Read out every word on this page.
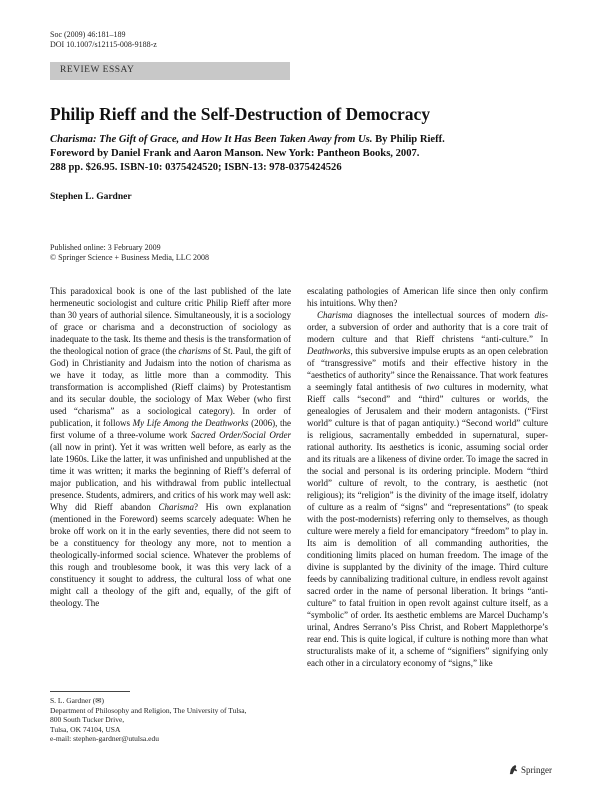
Soc (2009) 46:181–189
DOI 10.1007/s12115-008-9188-z
REVIEW ESSAY
Philip Rieff and the Self-Destruction of Democracy
Charisma: The Gift of Grace, and How It Has Been Taken Away from Us. By Philip Rieff.
Foreword by Daniel Frank and Aaron Manson. New York: Pantheon Books, 2007.
288 pp. $26.95. ISBN-10: 0375424520; ISBN-13: 978-0375424526
Stephen L. Gardner
Published online: 3 February 2009
© Springer Science + Business Media, LLC 2008

This paradoxical book is one of the last published of the late hermeneutic sociologist and culture critic Philip Rieff after more than 30 years of authorial silence. Simultaneously, it is a sociology of grace or charisma and a deconstruction of sociology as inadequate to the task. Its theme and thesis is the transformation of the theological notion of grace (the charisms of St. Paul, the gift of God) in Christianity and Judaism into the notion of charisma as we have it today, as little more than a commodity. This transformation is accomplished (Rieff claims) by Protestantism and its secular double, the sociology of Max Weber (who first used “charisma” as a sociological category). In order of publication, it follows My Life Among the Deathworks (2006), the first volume of a three-volume work Sacred Order/Social Order (all now in print). Yet it was written well before, as early as the late 1960s. Like the latter, it was unfinished and unpublished at the time it was written; it marks the beginning of Rieff’s deferral of major publication, and his withdrawal from public intellectual presence. Students, admirers, and critics of his work may well ask: Why did Rieff abandon Charisma? His own explanation (mentioned in the Foreword) seems scarcely adequate: When he broke off work on it in the early seventies, there did not seem to be a constituency for theology any more, not to mention a theologically-informed social science. Whatever the problems of this rough and troublesome book, it was this very lack of a constituency it sought to address, the cultural loss of what one might call a theology of the gift and, equally, of the gift of theology. The

escalating pathologies of American life since then only confirm his intuitions. Why then?

Charisma diagnoses the intellectual sources of modern dis-order, a subversion of order and authority that is a core trait of modern culture and that Rieff christens “anti-culture.” In Deathworks, this subversive impulse erupts as an open celebration of “transgressive” motifs and their effective history in the “aesthetics of authority” since the Renaissance. That work features a seemingly fatal antithesis of two cultures in modernity, what Rieff calls “second” and “third” cultures or worlds, the genealogies of Jerusalem and their modern antagonists. (“First world” culture is that of pagan antiquity.) “Second world” culture is religious, sacramentally embedded in supernatural, super-rational authority. Its aesthetics is iconic, assuming social order and its rituals are a likeness of divine order. To image the sacred in the social and personal is its ordering principle. Modern “third world” culture of revolt, to the contrary, is aesthetic (not religious); its “religion” is the divinity of the image itself, idolatry of culture as a realm of “signs” and “representations” (to speak with the post-modernists) referring only to themselves, as though culture were merely a field for emancipatory “freedom” to play in. Its aim is demolition of all commanding authorities, the conditioning limits placed on human freedom. The image of the divine is supplanted by the divinity of the image. Third culture feeds by cannibalizing traditional culture, in endless revolt against sacred order in the name of personal liberation. It brings “anti-culture” to fatal fruition in open revolt against culture itself, as a “symbolic” of order. Its aesthetic emblems are Marcel Duchamp’s urinal, Andres Serrano’s Piss Christ, and Robert Mapplethorpe’s rear end. This is quite logical, if culture is nothing more than what structuralists make of it, a scheme of “signifiers” signifying only each other in a circulatory economy of “signs,” like

S. L. Gardner (✉)
Department of Philosophy and Religion, The University of Tulsa,
800 South Tucker Drive,
Tulsa, OK 74104, USA
e-mail: stephen-gardner@utulsa.edu
Springer
